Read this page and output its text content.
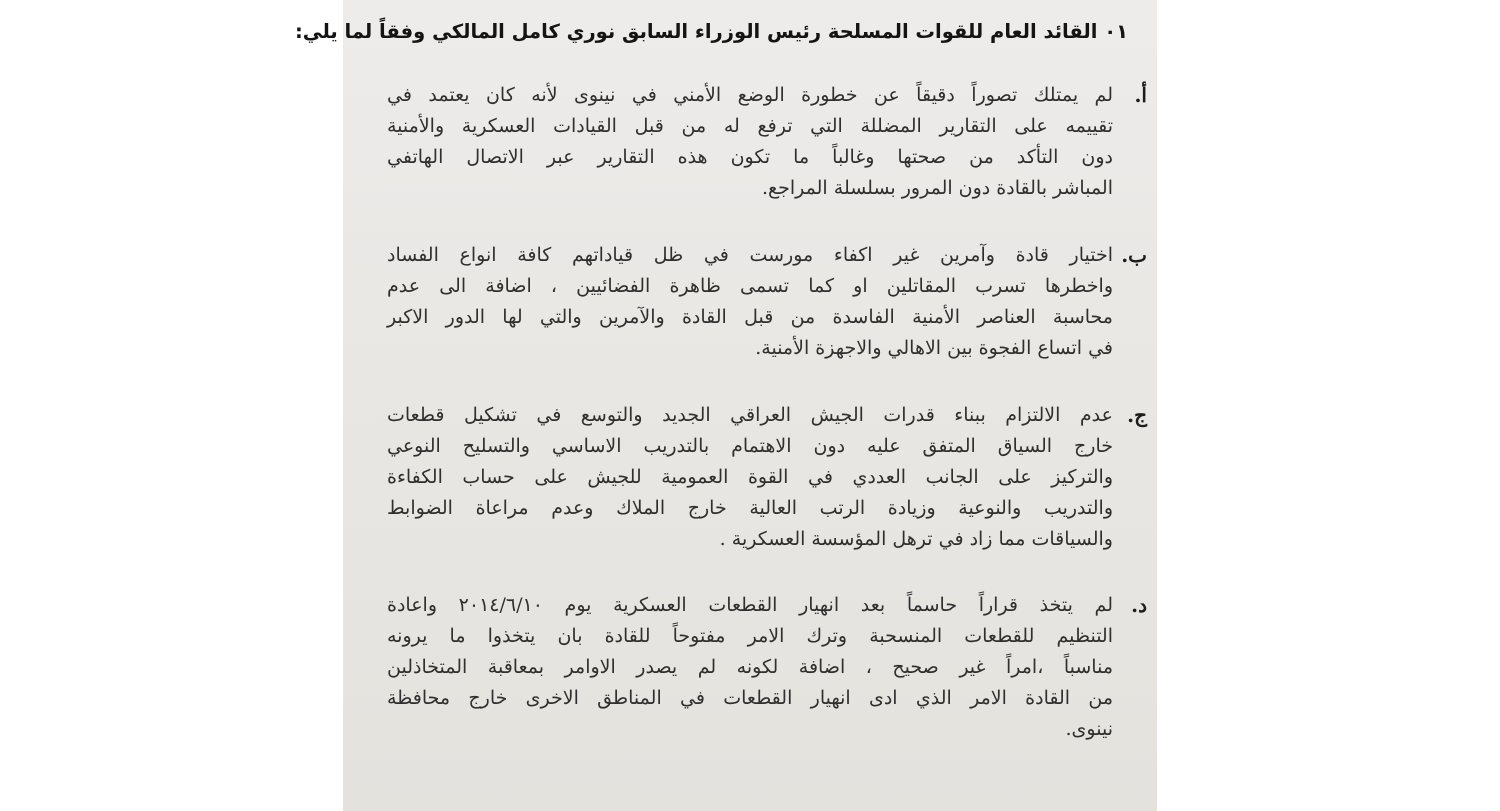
٠١ القائد العام للقوات المسلحة رئيس الوزراء السابق نوري كامل المالكي وفقاً لما يلي:
أ.
لم يمتلك تصوراً دقيقاً عن خطورة الوضع الأمني في نينوى لأنه كان يعتمد في
تقييمه على التقارير المضللة التي ترفع له من قبل القيادات العسكرية والأمنية
دون التأكد من صحتها وغالباً ما تكون هذه التقارير عبر الاتصال الهاتفي
المباشر بالقادة دون المرور بسلسلة المراجع.
ب.
اختيار قادة وآمرين غير اكفاء مورست في ظل قياداتهم كافة انواع الفساد
واخطرها تسرب المقاتلين او كما تسمى ظاهرة الفضائيين ، اضافة الى عدم
محاسبة العناصر الأمنية الفاسدة من قبل القادة والآمرين والتي لها الدور الاكبر
في اتساع الفجوة بين الاهالي والاجهزة الأمنية.
ج.
عدم الالتزام ببناء قدرات الجيش العراقي الجديد والتوسع في تشكيل قطعات
خارج السياق المتفق عليه دون الاهتمام بالتدريب الاساسي والتسليح النوعي
والتركيز على الجانب العددي في القوة العمومية للجيش على حساب الكفاءة
والتدريب والنوعية وزيادة الرتب العالية خارج الملاك وعدم مراعاة الضوابط
والسياقات مما زاد في ترهل المؤسسة العسكرية .
د.
لم يتخذ قراراً حاسماً بعد انهيار القطعات العسكرية يوم ٢٠١٤/٦/١٠ واعادة
التنظيم للقطعات المنسحبة وترك الامر مفتوحاً للقادة بان يتخذوا ما يرونه
مناسباً ،امراً غير صحيح ، اضافة لكونه لم يصدر الاوامر بمعاقبة المتخاذلين
من القادة الامر الذي ادى انهيار القطعات في المناطق الاخرى خارج محافظة
نينوى.
